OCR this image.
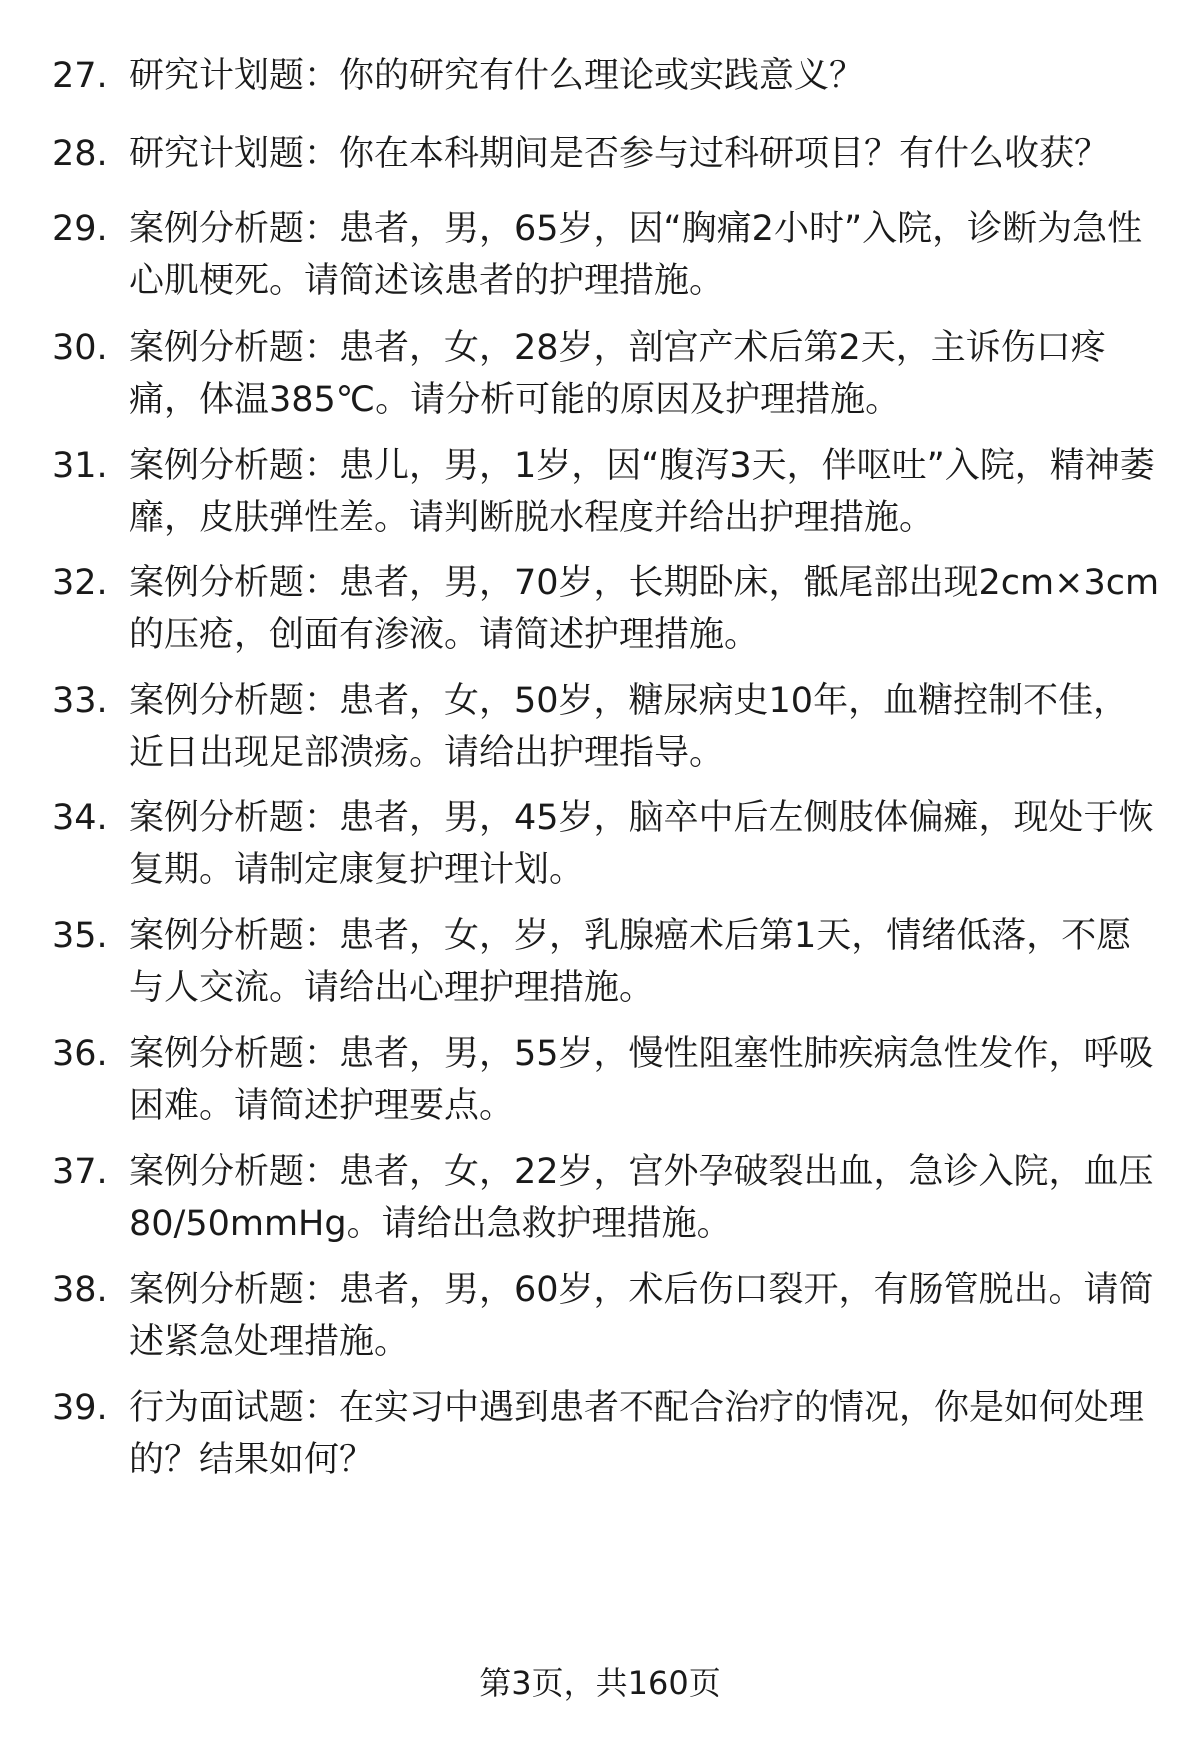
27. 研究计划题：你的研究有什么理论或实践意义？
28. 研究计划题：你在本科期间是否参与过科研项目？有什么收获？
29. 案例分析题：患者，男，65岁，因“胸痛2小时”入院，诊断为急性心肌梗死。请简述该患者的护理措施。
30. 案例分析题：患者，女，28岁，剖宫产术后第2天，主诉伤口疼痛，体温385℃。请分析可能的原因及护理措施。
31. 案例分析题：患儿，男，1岁，因“腹泻3天，伴呕吐”入院，精神萎靡，皮肤弹性差。请判断脱水程度并给出护理措施。
32. 案例分析题：患者，男，70岁，长期卧床，骶尾部出现2cm×3cm的压疮，创面有渗液。请简述护理措施。
33. 案例分析题：患者，女，50岁，糖尿病史10年，血糖控制不佳，近日出现足部溃疡。请给出护理指导。
34. 案例分析题：患者，男，45岁，脑卒中后左侧肢体偏瘫，现处于恢复期。请制定康复护理计划。
35. 案例分析题：患者，女，岁，乳腺癌术后第1天，情绪低落，不愿与人交流。请给出心理护理措施。
36. 案例分析题：患者，男，55岁，慢性阻塞性肺疾病急性发作，呼吸困难。请简述护理要点。
37. 案例分析题：患者，女，22岁，宫外孕破裂出血，急诊入院，血压80/50mmHg。请给出急救护理措施。
38. 案例分析题：患者，男，60岁，术后伤口裂开，有肠管脱出。请简述紧急处理措施。
39. 行为面试题：在实习中遇到患者不配合治疗的情况，你是如何处理的？结果如何？
第3页，共160页
